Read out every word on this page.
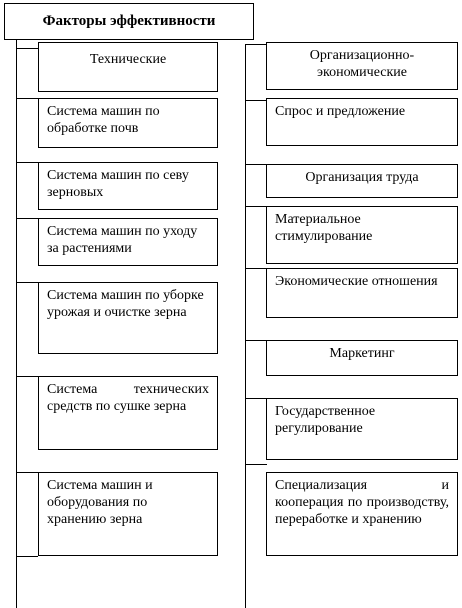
Факторы эффективности
Технические
Система машин по обработке почв
Система машин по севу зерновых
Система машин по уходу за растениями
Система машин по уборке урожая и очистке зерна
Система технических средств по сушке зерна
Система машин и оборудования по хранению зерна
Организационно-экономические
Спрос и предложение
Организация труда
Материальное стимулирование
Экономические отношения
Маркетинг
Государственное регулирование
Специализация и кооперация по производству, переработке и хранению
